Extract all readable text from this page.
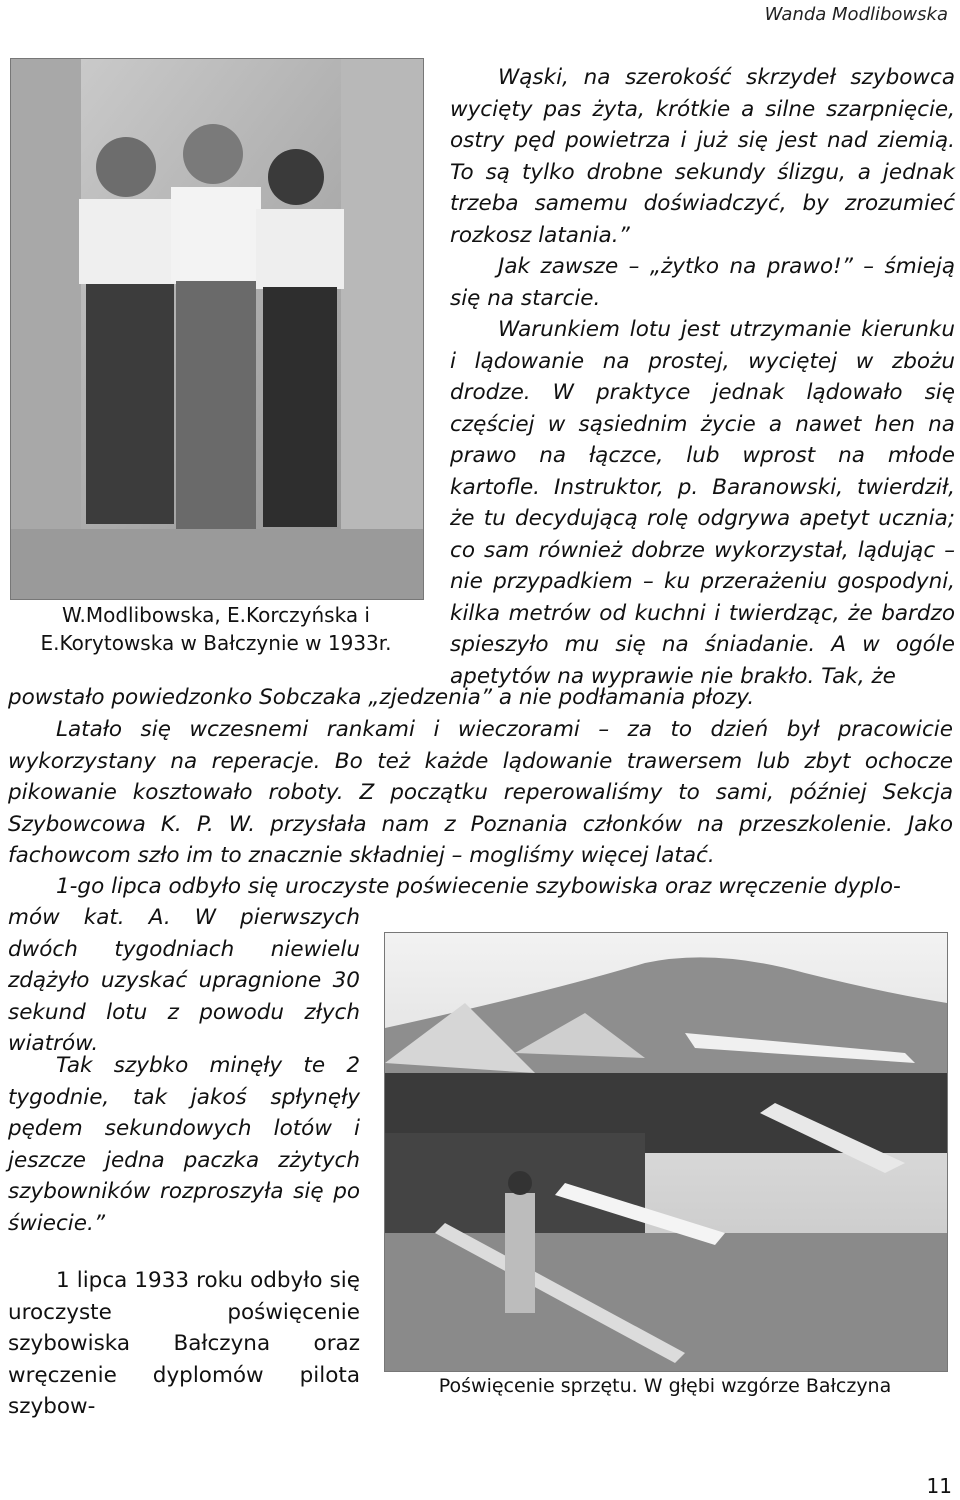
Wanda Modlibowska
W.Modlibowska, E.Korczyńska i
E.Korytowska w Bałczynie w 1933r.

Wąski, na szerokość skrzydeł szybowca wycięty pas żyta, krótkie a silne szarpnięcie, ostry pęd powietrza i już się jest nad ziemią. To są tylko drobne sekundy ślizgu, a jednak trzeba samemu doświadczyć, by zrozumieć rozkosz latania.”

Jak zawsze – „żytko na prawo!” – śmieją się na starcie.

Warunkiem lotu jest utrzymanie kierunku i lądowanie na prostej, wyciętej w zbożu drodze. W praktyce jednak lądowało się częściej w sąsiednim życie a nawet hen na prawo na łączce, lub wprost na młode kartofle. Instruktor, p. Baranowski, twierdził, że tu decydującą rolę odgrywa apetyt ucznia; co sam również dobrze wykorzystał, lądując – nie przypadkiem – ku przerażeniu gospodyni, kilka metrów od kuchni i twierdząc, że bardzo spieszyło mu się na śniadanie. A w ogóle apetytów na wyprawie nie brakło. Tak, że

powstało powiedzonko Sobczaka „zjedzenia” a nie podłamania płozy.

Latało się wczesnemi rankami i wieczorami – za to dzień był pracowicie wykorzystany na reperacje. Bo też każde lądowanie trawersem lub zbyt ochocze pikowanie kosztowało roboty. Z początku reperowaliśmy to sami, później Sekcja Szybowcowa K. P. W. przysłała nam z Poznania członków na przeszkolenie. Jako fachowcom szło im to znacznie składniej – mogliśmy więcej latać.

1-go lipca odbyło się uroczyste poświecenie szybowiska oraz wręczenie dyplo-

mów kat. A. W pierwszych dwóch tygodniach niewielu zdążyło uzyskać upragnione 30 sekund lotu z powodu złych wiatrów.

Tak szybko minęły te 2 tygodnie, tak jakoś spłynęły pędem sekundowych lotów i jeszcze jedna paczka zżytych szybowników rozproszyła się po świecie.”

1 lipca 1933 roku odbyło się uroczyste poświęcenie szybowiska Bałczyna oraz wręczenie dyplomów pilota szybow-

Poświęcenie sprzętu. W głębi wzgórze Bałczyna
11
